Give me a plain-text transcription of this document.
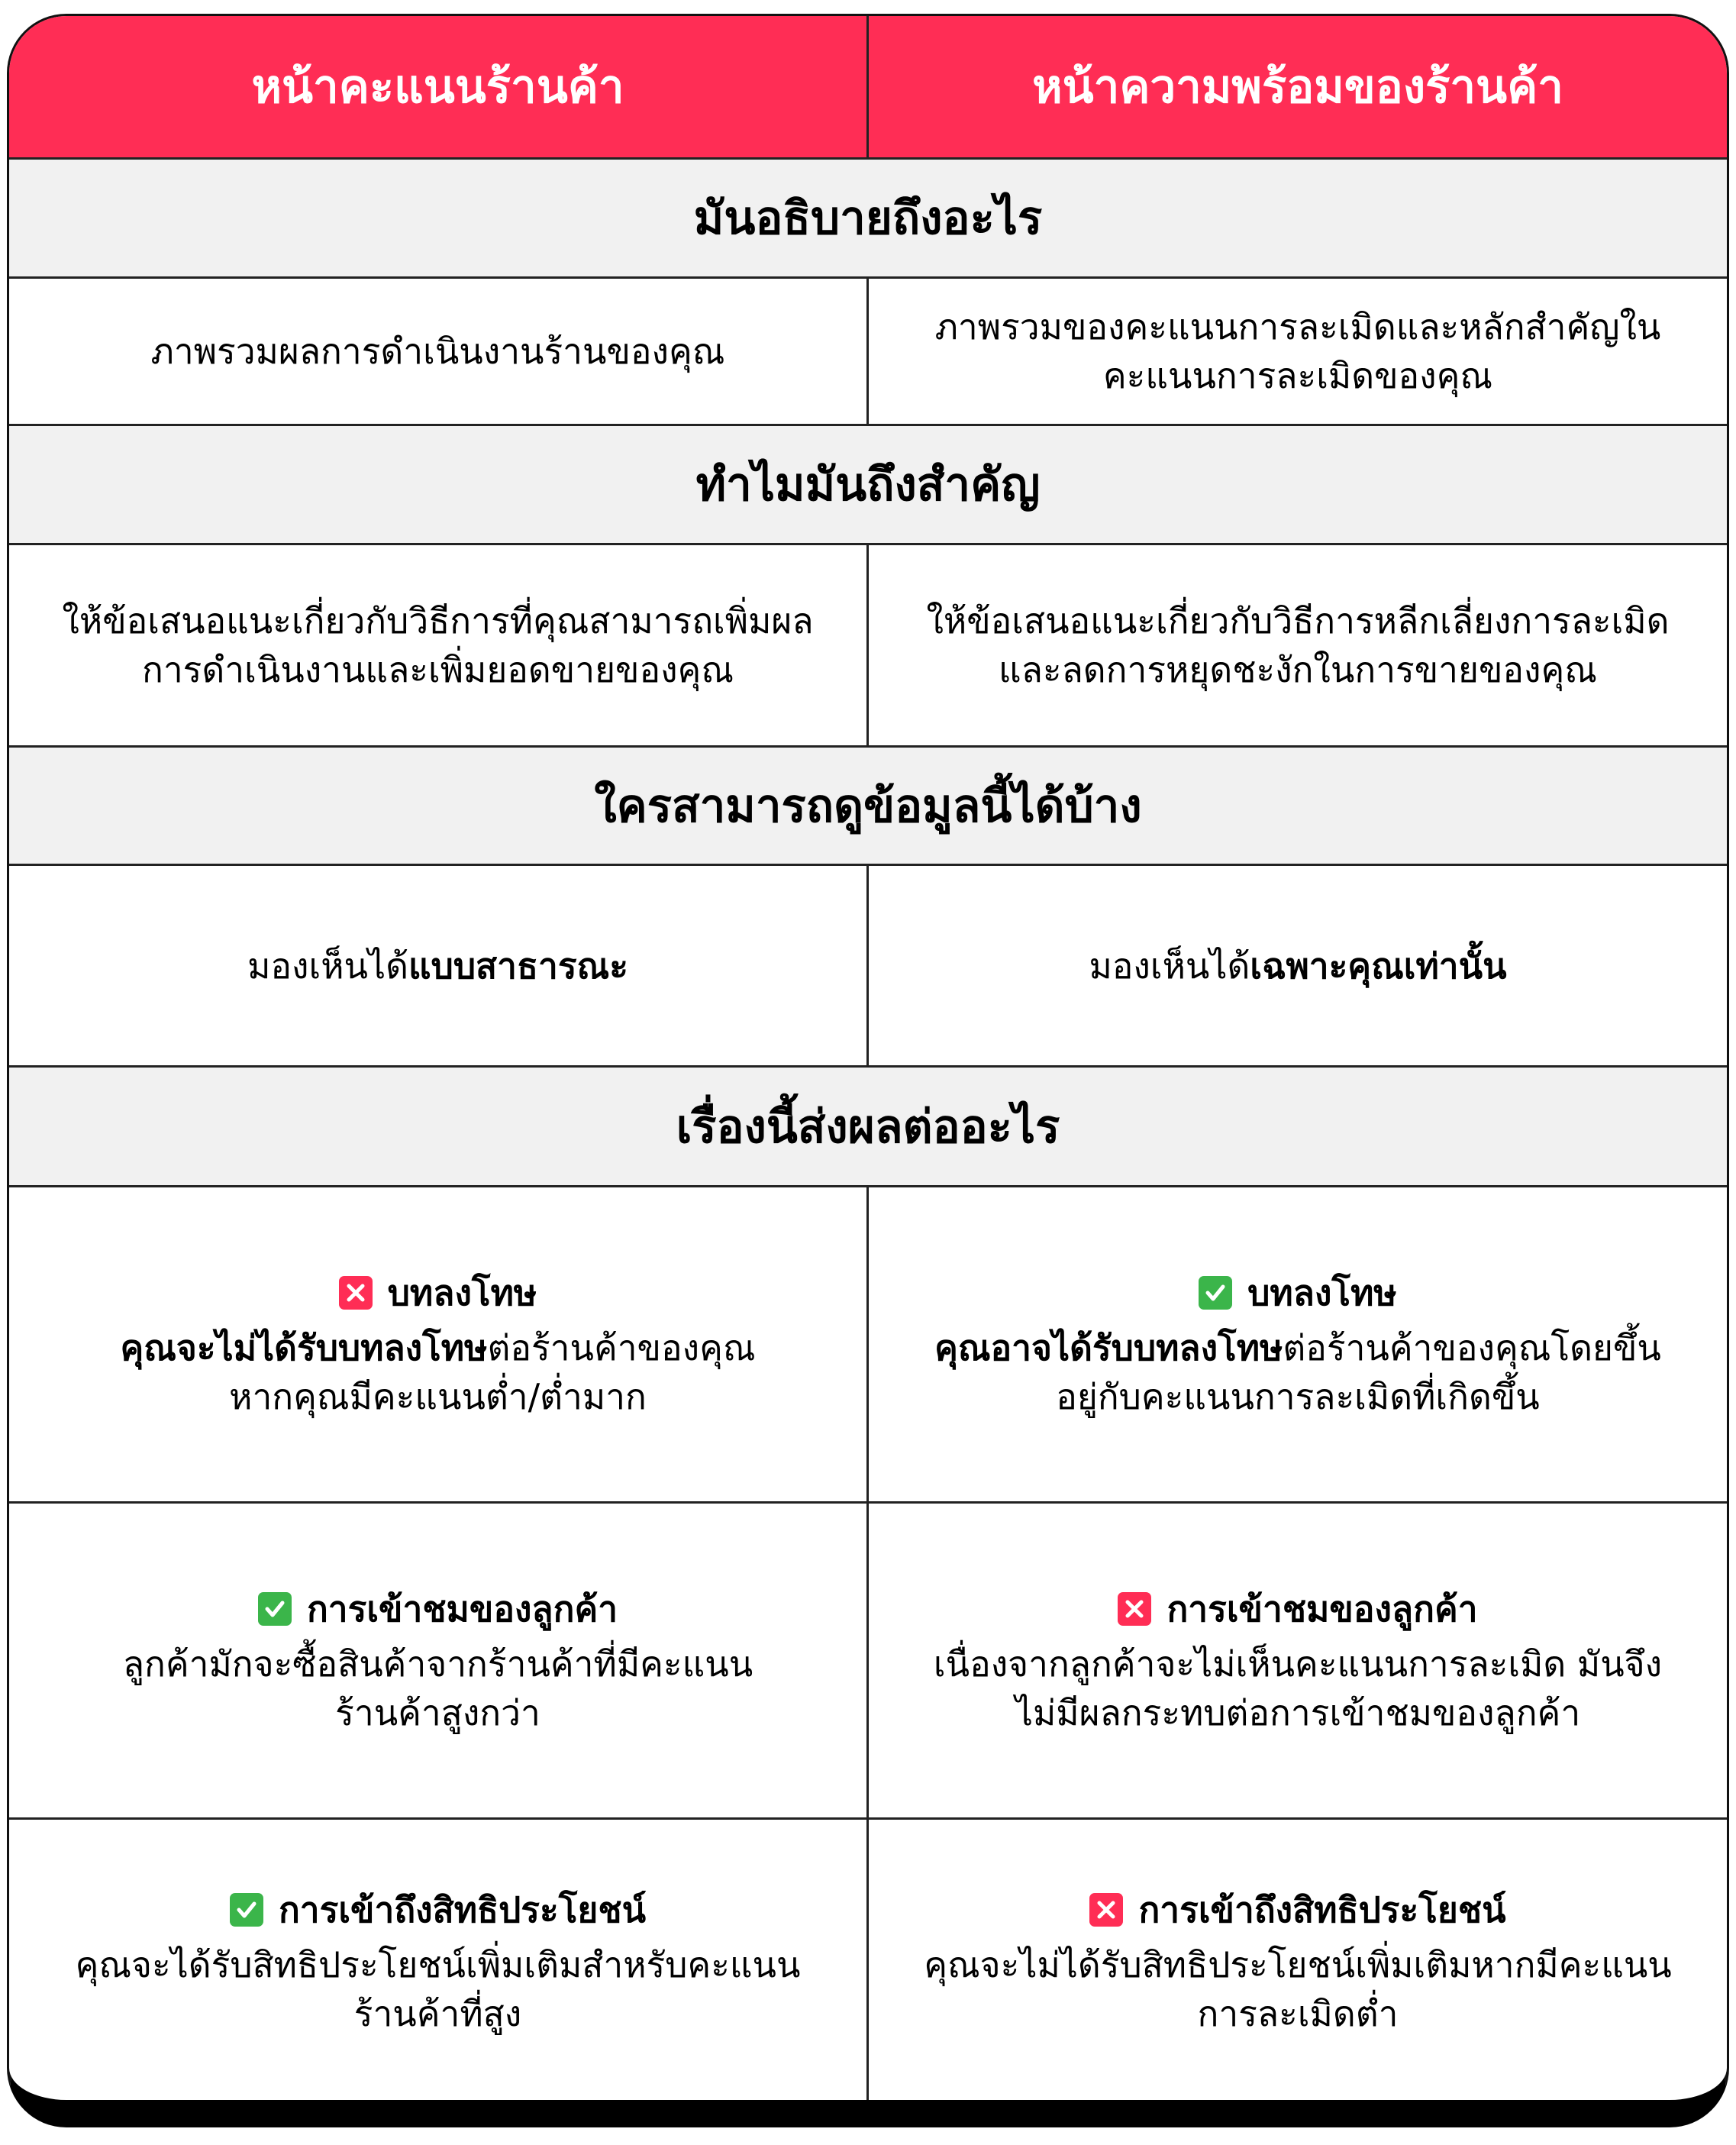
หน้าคะแนนร้านค้า	หน้าความพร้อมของร้านค้า
มันอธิบายถึงอะไร
ภาพรวมผลการดำเนินงานร้านของคุณ
ภาพรวมของคะแนนการละเมิดและหลักสำคัญใน คะแนนการละเมิดของคุณ
ทำไมมันถึงสำคัญ
ให้ข้อเสนอแนะเกี่ยวกับวิธีการที่คุณสามารถเพิ่มผล การดำเนินงานและเพิ่มยอดขายของคุณ
ให้ข้อเสนอแนะเกี่ยวกับวิธีการหลีกเลี่ยงการละเมิด และลดการหยุดชะงักในการขายของคุณ
ใครสามารถดูข้อมูลนี้ได้บ้าง
มองเห็นได้แบบสาธารณะ	มองเห็นได้เฉพาะคุณเท่านั้น
เรื่องนี้ส่งผลต่ออะไร
บทลงโทษ
คุณจะไม่ได้รับบทลงโทษต่อร้านค้าของคุณ
หากคุณมีคะแนนต่ำ/ต่ำมาก
บทลงโทษ
คุณอาจได้รับบทลงโทษต่อร้านค้าของคุณโดยขึ้น
อยู่กับคะแนนการละเมิดที่เกิดขึ้น
การเข้าชมของลูกค้า
ลูกค้ามักจะซื้อสินค้าจากร้านค้าที่มีคะแนน
ร้านค้าสูงกว่า
การเข้าชมของลูกค้า
เนื่องจากลูกค้าจะไม่เห็นคะแนนการละเมิด มันจึง
ไม่มีผลกระทบต่อการเข้าชมของลูกค้า
การเข้าถึงสิทธิประโยชน์
คุณจะได้รับสิทธิประโยชน์เพิ่มเติมสำหรับคะแนน
ร้านค้าที่สูง
การเข้าถึงสิทธิประโยชน์
คุณจะไม่ได้รับสิทธิประโยชน์เพิ่มเติมหากมีคะแนน
การละเมิดต่ำ
